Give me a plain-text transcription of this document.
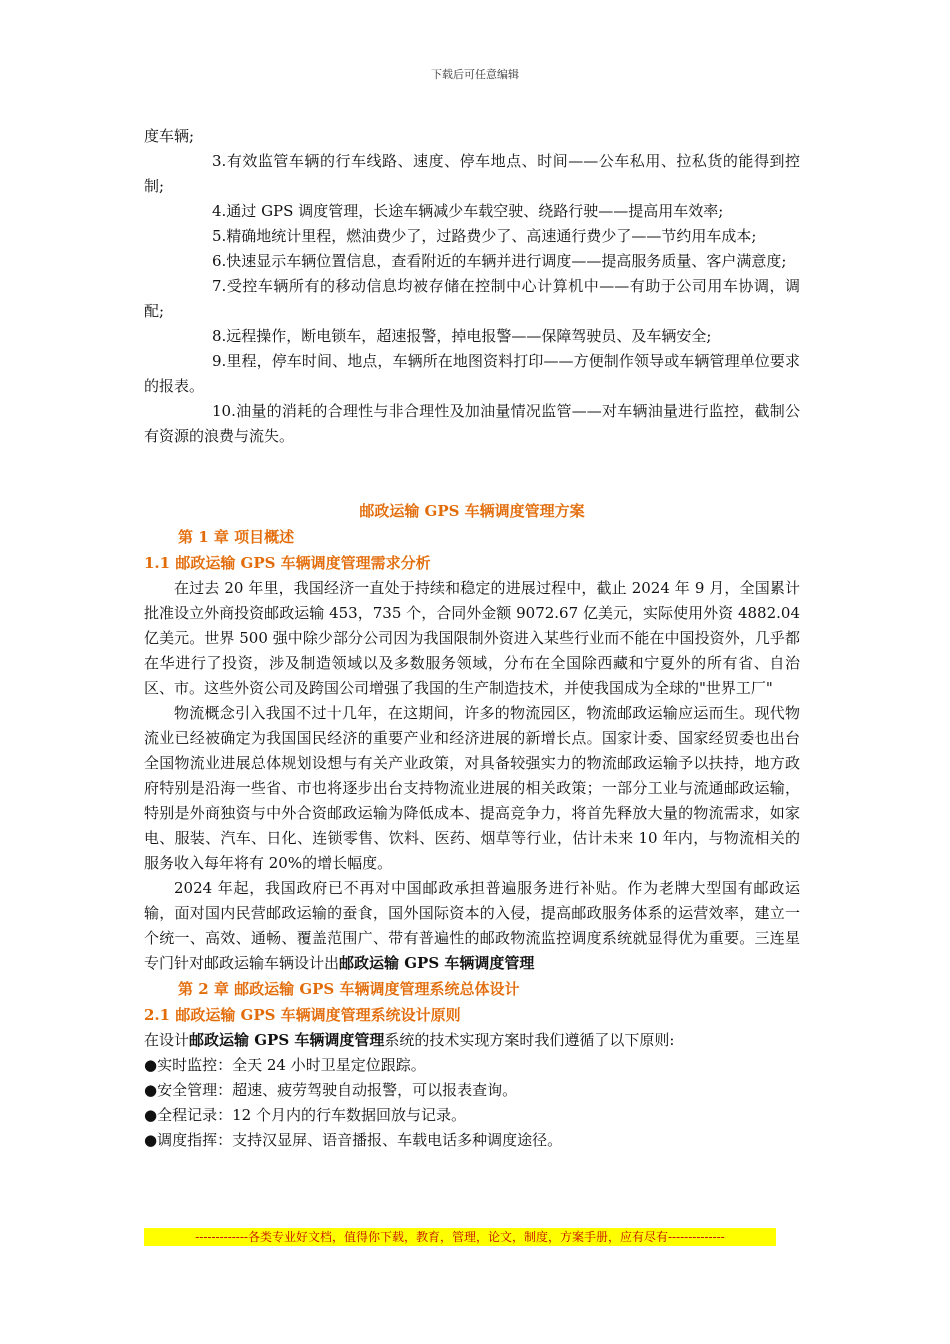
下载后可任意编辑

度车辆;

3.有效监管车辆的行车线路、速度、停车地点、时间——公车私用、拉私货的能得到控制;

4.通过 GPS 调度管理，长途车辆减少车载空驶、绕路行驶——提高用车效率;

5.精确地统计里程，燃油费少了，过路费少了、高速通行费少了——节约用车成本;

6.快速显示车辆位置信息，查看附近的车辆并进行调度——提高服务质量、客户满意度;

7.受控车辆所有的移动信息均被存储在控制中心计算机中——有助于公司用车协调，调配;

8.远程操作，断电锁车，超速报警，掉电报警——保障驾驶员、及车辆安全;

9.里程，停车时间、地点，车辆所在地图资料打印——方便制作领导或车辆管理单位要求的报表。

10.油量的消耗的合理性与非合理性及加油量情况监管——对车辆油量进行监控，截制公有资源的浪费与流失。

邮政运输 GPS 车辆调度管理方案

第 1 章 项目概述

1.1 邮政运输 GPS 车辆调度管理需求分析

在过去 20 年里，我国经济一直处于持续和稳定的进展过程中，截止 2024 年 9 月，全国累计批准设立外商投资邮政运输 453，735 个，合同外金额 9072.67 亿美元，实际使用外资 4882.04 亿美元。世界 500 强中除少部分公司因为我国限制外资进入某些行业而不能在中国投资外，几乎都在华进行了投资，涉及制造领域以及多数服务领域，分布在全国除西藏和宁夏外的所有省、自治区、市。这些外资公司及跨国公司增强了我国的生产制造技术，并使我国成为全球的"世界工厂"

物流概念引入我国不过十几年，在这期间，许多的物流园区，物流邮政运输应运而生。现代物流业已经被确定为我国国民经济的重要产业和经济进展的新增长点。国家计委、国家经贸委也出台全国物流业进展总体规划设想与有关产业政策，对具备较强实力的物流邮政运输予以扶持，地方政府特别是沿海一些省、市也将逐步出台支持物流业进展的相关政策；一部分工业与流通邮政运输，特别是外商独资与中外合资邮政运输为降低成本、提高竞争力，将首先释放大量的物流需求，如家电、服装、汽车、日化、连锁零售、饮料、医药、烟草等行业，估计未来 10 年内，与物流相关的服务收入每年将有 20%的增长幅度。

2024 年起，我国政府已不再对中国邮政承担普遍服务进行补贴。作为老牌大型国有邮政运输，面对国内民营邮政运输的蚕食，国外国际资本的入侵，提高邮政服务体系的运营效率，建立一个统一、高效、通畅、覆盖范围广、带有普遍性的邮政物流监控调度系统就显得优为重要。三连星专门针对邮政运输车辆设计出邮政运输 GPS 车辆调度管理

第 2 章 邮政运输 GPS 车辆调度管理系统总体设计

2.1 邮政运输 GPS 车辆调度管理系统设计原则

在设计邮政运输 GPS 车辆调度管理系统的技术实现方案时我们遵循了以下原则:

●实时监控：全天 24 小时卫星定位跟踪。

●安全管理：超速、疲劳驾驶自动报警，可以报表查询。

●全程记录：12 个月内的行车数据回放与记录。

●调度指挥：支持汉显屏、语音播报、车载电话多种调度途径。

-------------各类专业好文档，值得你下载，教育，管理，论文，制度，方案手册，应有尽有--------------
